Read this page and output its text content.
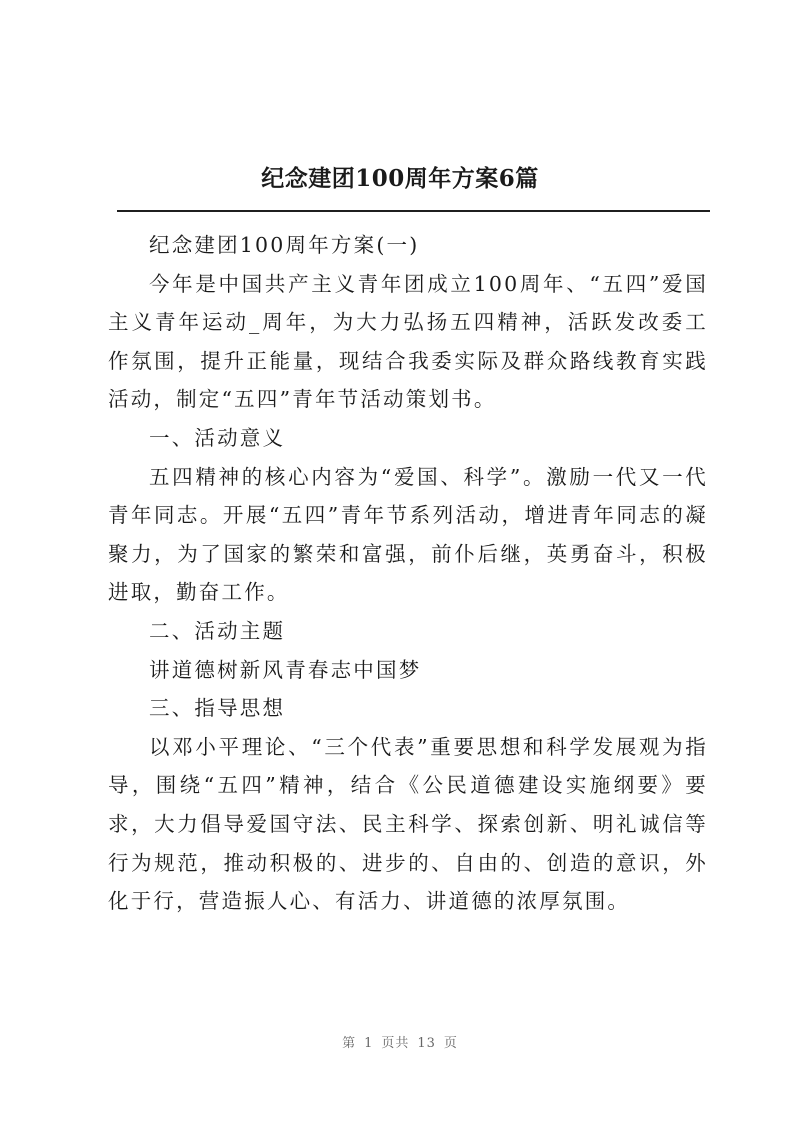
纪念建团100周年方案6篇

纪念建团100周年方案(一)

今年是中国共产主义青年团成立100周年、“五四”爱国主义青年运动_周年，为大力弘扬五四精神，活跃发改委工作氛围，提升正能量，现结合我委实际及群众路线教育实践活动，制定“五四”青年节活动策划书。

一、活动意义

五四精神的核心内容为“爱国、科学”。激励一代又一代青年同志。开展“五四”青年节系列活动，增进青年同志的凝聚力，为了国家的繁荣和富强，前仆后继，英勇奋斗，积极进取，勤奋工作。

二、活动主题

讲道德树新风青春志中国梦

三、指导思想

以邓小平理论、“三个代表”重要思想和科学发展观为指导，围绕“五四”精神，结合《公民道德建设实施纲要》要求，大力倡导爱国守法、民主科学、探索创新、明礼诚信等行为规范，推动积极的、进步的、自由的、创造的意识，外化于行，营造振人心、有活力、讲道德的浓厚氛围。

第 1 页共 13 页
